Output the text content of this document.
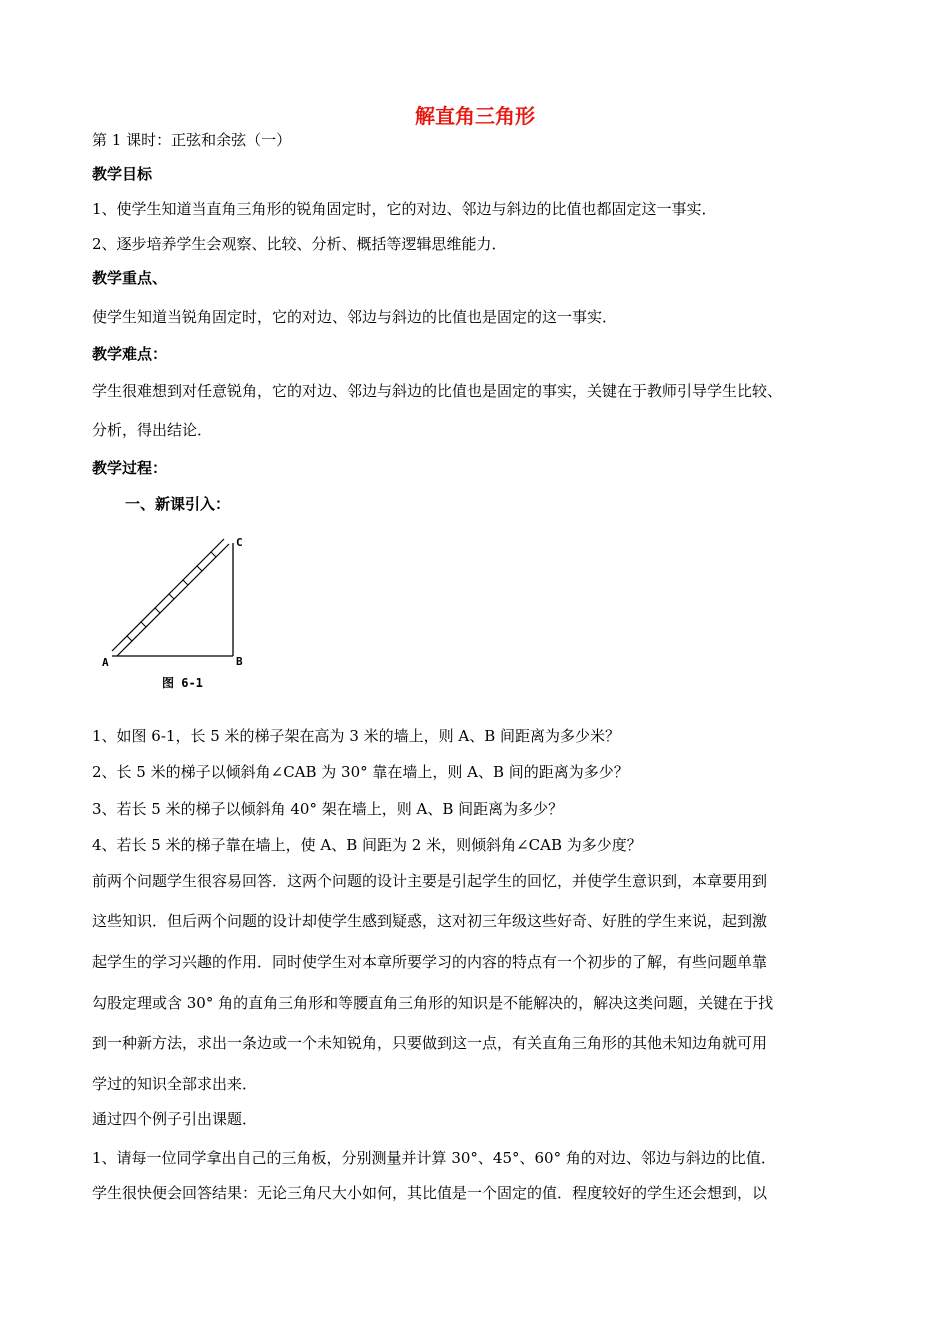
解直角三角形
第 1 课时：正弦和余弦（一）
教学目标
1、使学生知道当直角三角形的锐角固定时，它的对边、邻边与斜边的比值也都固定这一事实．
2、逐步培养学生会观察、比较、分析、概括等逻辑思维能力．
教学重点、
使学生知道当锐角固定时，它的对边、邻边与斜边的比值也是固定的这一事实．
教学难点：
学生很难想到对任意锐角，它的对边、邻边与斜边的比值也是固定的事实，关键在于教师引导学生比较、
分析，得出结论．
教学过程：
一、新课引入：
A	B
C
图 6-1
1、如图 6-1，长 5 米的梯子架在高为 3 米的墙上，则 A、B 间距离为多少米？
2、长 5 米的梯子以倾斜角∠CAB 为 30° 靠在墙上，则 A、B 间的距离为多少？
3、若长 5 米的梯子以倾斜角 40° 架在墙上，则 A、B 间距离为多少？
4、若长 5 米的梯子靠在墙上，使 A、B 间距为 2 米，则倾斜角∠CAB 为多少度？
前两个问题学生很容易回答．这两个问题的设计主要是引起学生的回忆，并使学生意识到，本章要用到
这些知识．但后两个问题的设计却使学生感到疑惑，这对初三年级这些好奇、好胜的学生来说，起到激
起学生的学习兴趣的作用．同时使学生对本章所要学习的内容的特点有一个初步的了解，有些问题单靠
勾股定理或含 30° 角的直角三角形和等腰直角三角形的知识是不能解决的，解决这类问题，关键在于找
到一种新方法，求出一条边或一个未知锐角，只要做到这一点，有关直角三角形的其他未知边角就可用
学过的知识全部求出来．
通过四个例子引出课题．
1、请每一位同学拿出自己的三角板，分别测量并计算 30°、45°、60° 角的对边、邻边与斜边的比值．
学生很快便会回答结果：无论三角尺大小如何，其比值是一个固定的值．程度较好的学生还会想到，以
